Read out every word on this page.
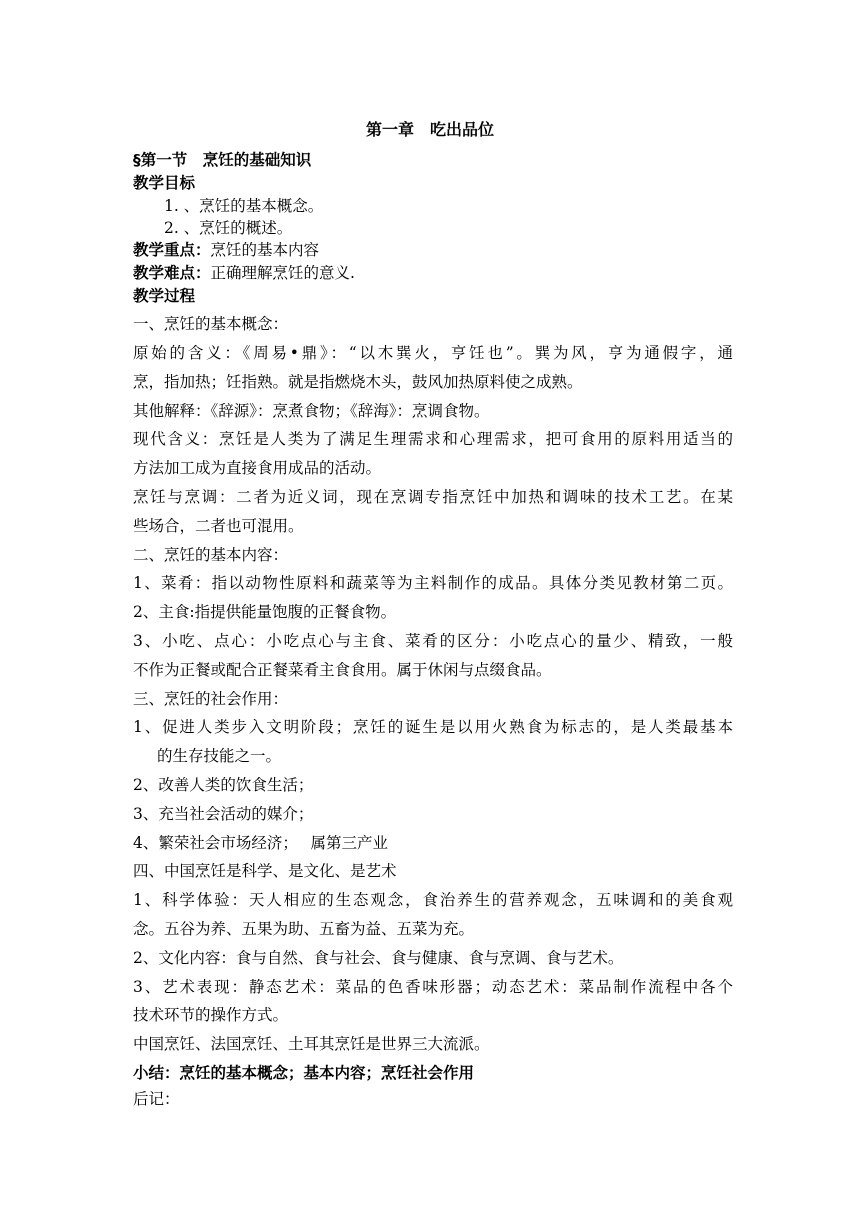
第一章　吃出品位
§第一节　烹饪的基础知识
教学目标
1. 、烹饪的基本概念。
2. 、烹饪的概述。
教学重点：烹饪的基本内容
教学难点：正确理解烹饪的意义.
教学过程
一、烹饪的基本概念：
原始的含义：《周易•鼎》：“以木巽火，亨饪也”。巽为风，亨为通假字，通
烹，指加热；饪指熟。就是指燃烧木头，鼓风加热原料使之成熟。
其他解释：《辞源》：烹煮食物；《辞海》：烹调食物。
现代含义：烹饪是人类为了满足生理需求和心理需求，把可食用的原料用适当的
方法加工成为直接食用成品的活动。
烹饪与烹调：二者为近义词，现在烹调专指烹饪中加热和调味的技术工艺。在某
些场合，二者也可混用。
二、烹饪的基本内容：
1、菜肴：指以动物性原料和蔬菜等为主料制作的成品。具体分类见教材第二页。
2、主食:指提供能量饱腹的正餐食物。
3、小吃、点心：小吃点心与主食、菜肴的区分：小吃点心的量少、精致，一般
不作为正餐或配合正餐菜肴主食食用。属于休闲与点缀食品。
三、烹饪的社会作用：
1、促进人类步入文明阶段；烹饪的诞生是以用火熟食为标志的，是人类最基本
的生存技能之一。
2、改善人类的饮食生活；
3、充当社会活动的媒介；
4、繁荣社会市场经济；　 属第三产业
四、中国烹饪是科学、是文化、是艺术
1、科学体验：天人相应的生态观念，食治养生的营养观念，五味调和的美食观
念。五谷为养、五果为助、五畜为益、五菜为充。
2、文化内容：食与自然、食与社会、食与健康、食与烹调、食与艺术。
3、艺术表现：静态艺术：菜品的色香味形器；动态艺术：菜品制作流程中各个
技术环节的操作方式。
中国烹饪、法国烹饪、土耳其烹饪是世界三大流派。
小结：烹饪的基本概念；基本内容；烹饪社会作用
后记：
